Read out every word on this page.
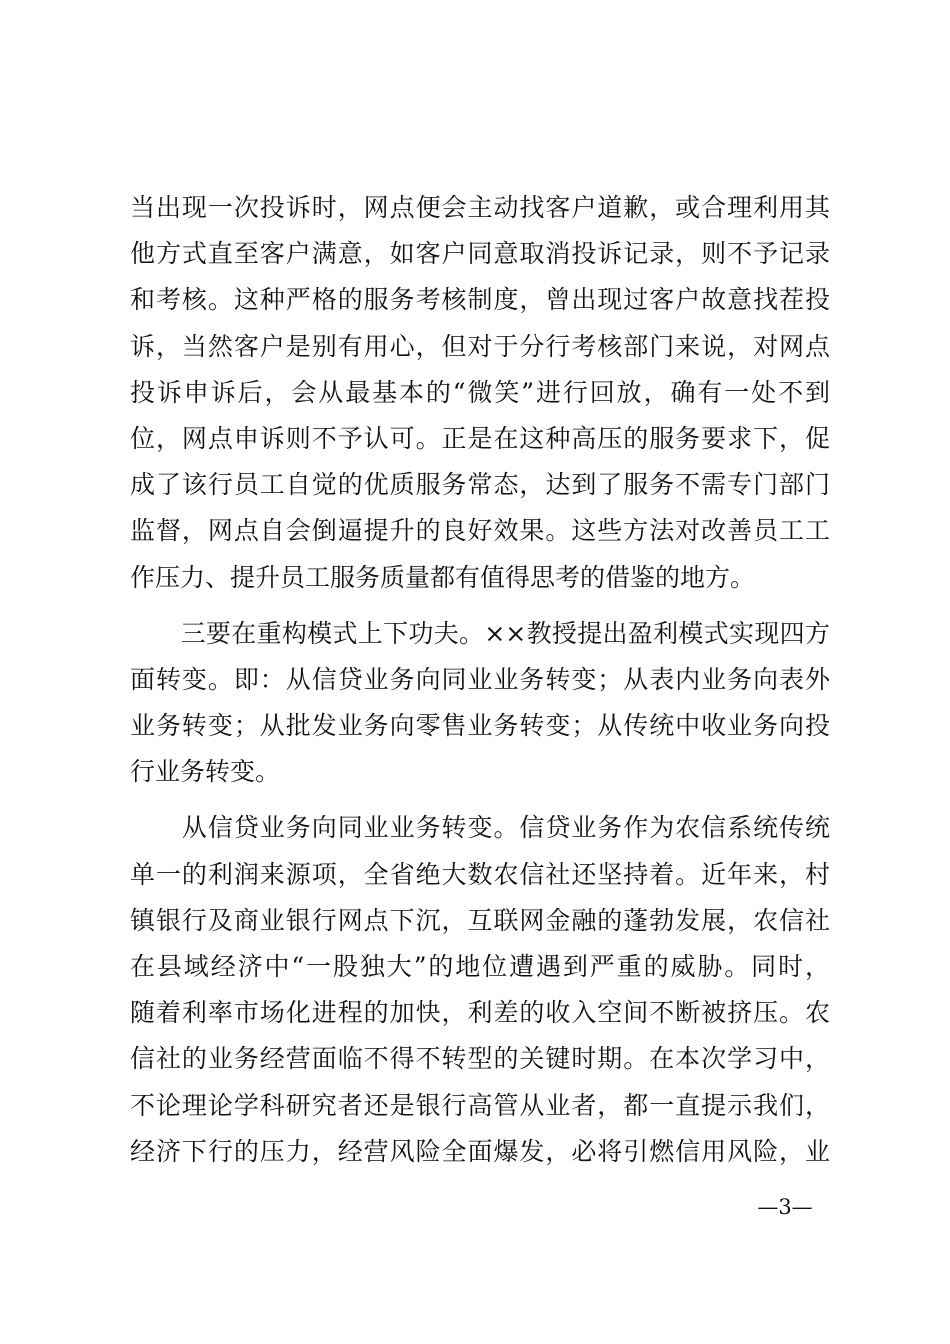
当出现一次投诉时，网点便会主动找客户道歉，或合理利用其
他方式直至客户满意，如客户同意取消投诉记录，则不予记录
和考核。这种严格的服务考核制度，曾出现过客户故意找茬投
诉，当然客户是别有用心，但对于分行考核部门来说，对网点
投诉申诉后，会从最基本的“微笑”进行回放，确有一处不到
位，网点申诉则不予认可。正是在这种高压的服务要求下，促
成了该行员工自觉的优质服务常态，达到了服务不需专门部门
监督，网点自会倒逼提升的良好效果。这些方法对改善员工工
作压力、提升员工服务质量都有值得思考的借鉴的地方。
　　三要在重构模式上下功夫。××教授提出盈利模式实现四方
面转变。即：从信贷业务向同业业务转变；从表内业务向表外
业务转变；从批发业务向零售业务转变；从传统中收业务向投
行业务转变。
　　从信贷业务向同业业务转变。信贷业务作为农信系统传统
单一的利润来源项，全省绝大数农信社还坚持着。近年来，村
镇银行及商业银行网点下沉，互联网金融的蓬勃发展，农信社
在县域经济中“一股独大”的地位遭遇到严重的威胁。同时，
随着利率市场化进程的加快，利差的收入空间不断被挤压。农
信社的业务经营面临不得不转型的关键时期。在本次学习中，
不论理论学科研究者还是银行高管从业者，都一直提示我们，
经济下行的压力，经营风险全面爆发，必将引燃信用风险，业
—3—
